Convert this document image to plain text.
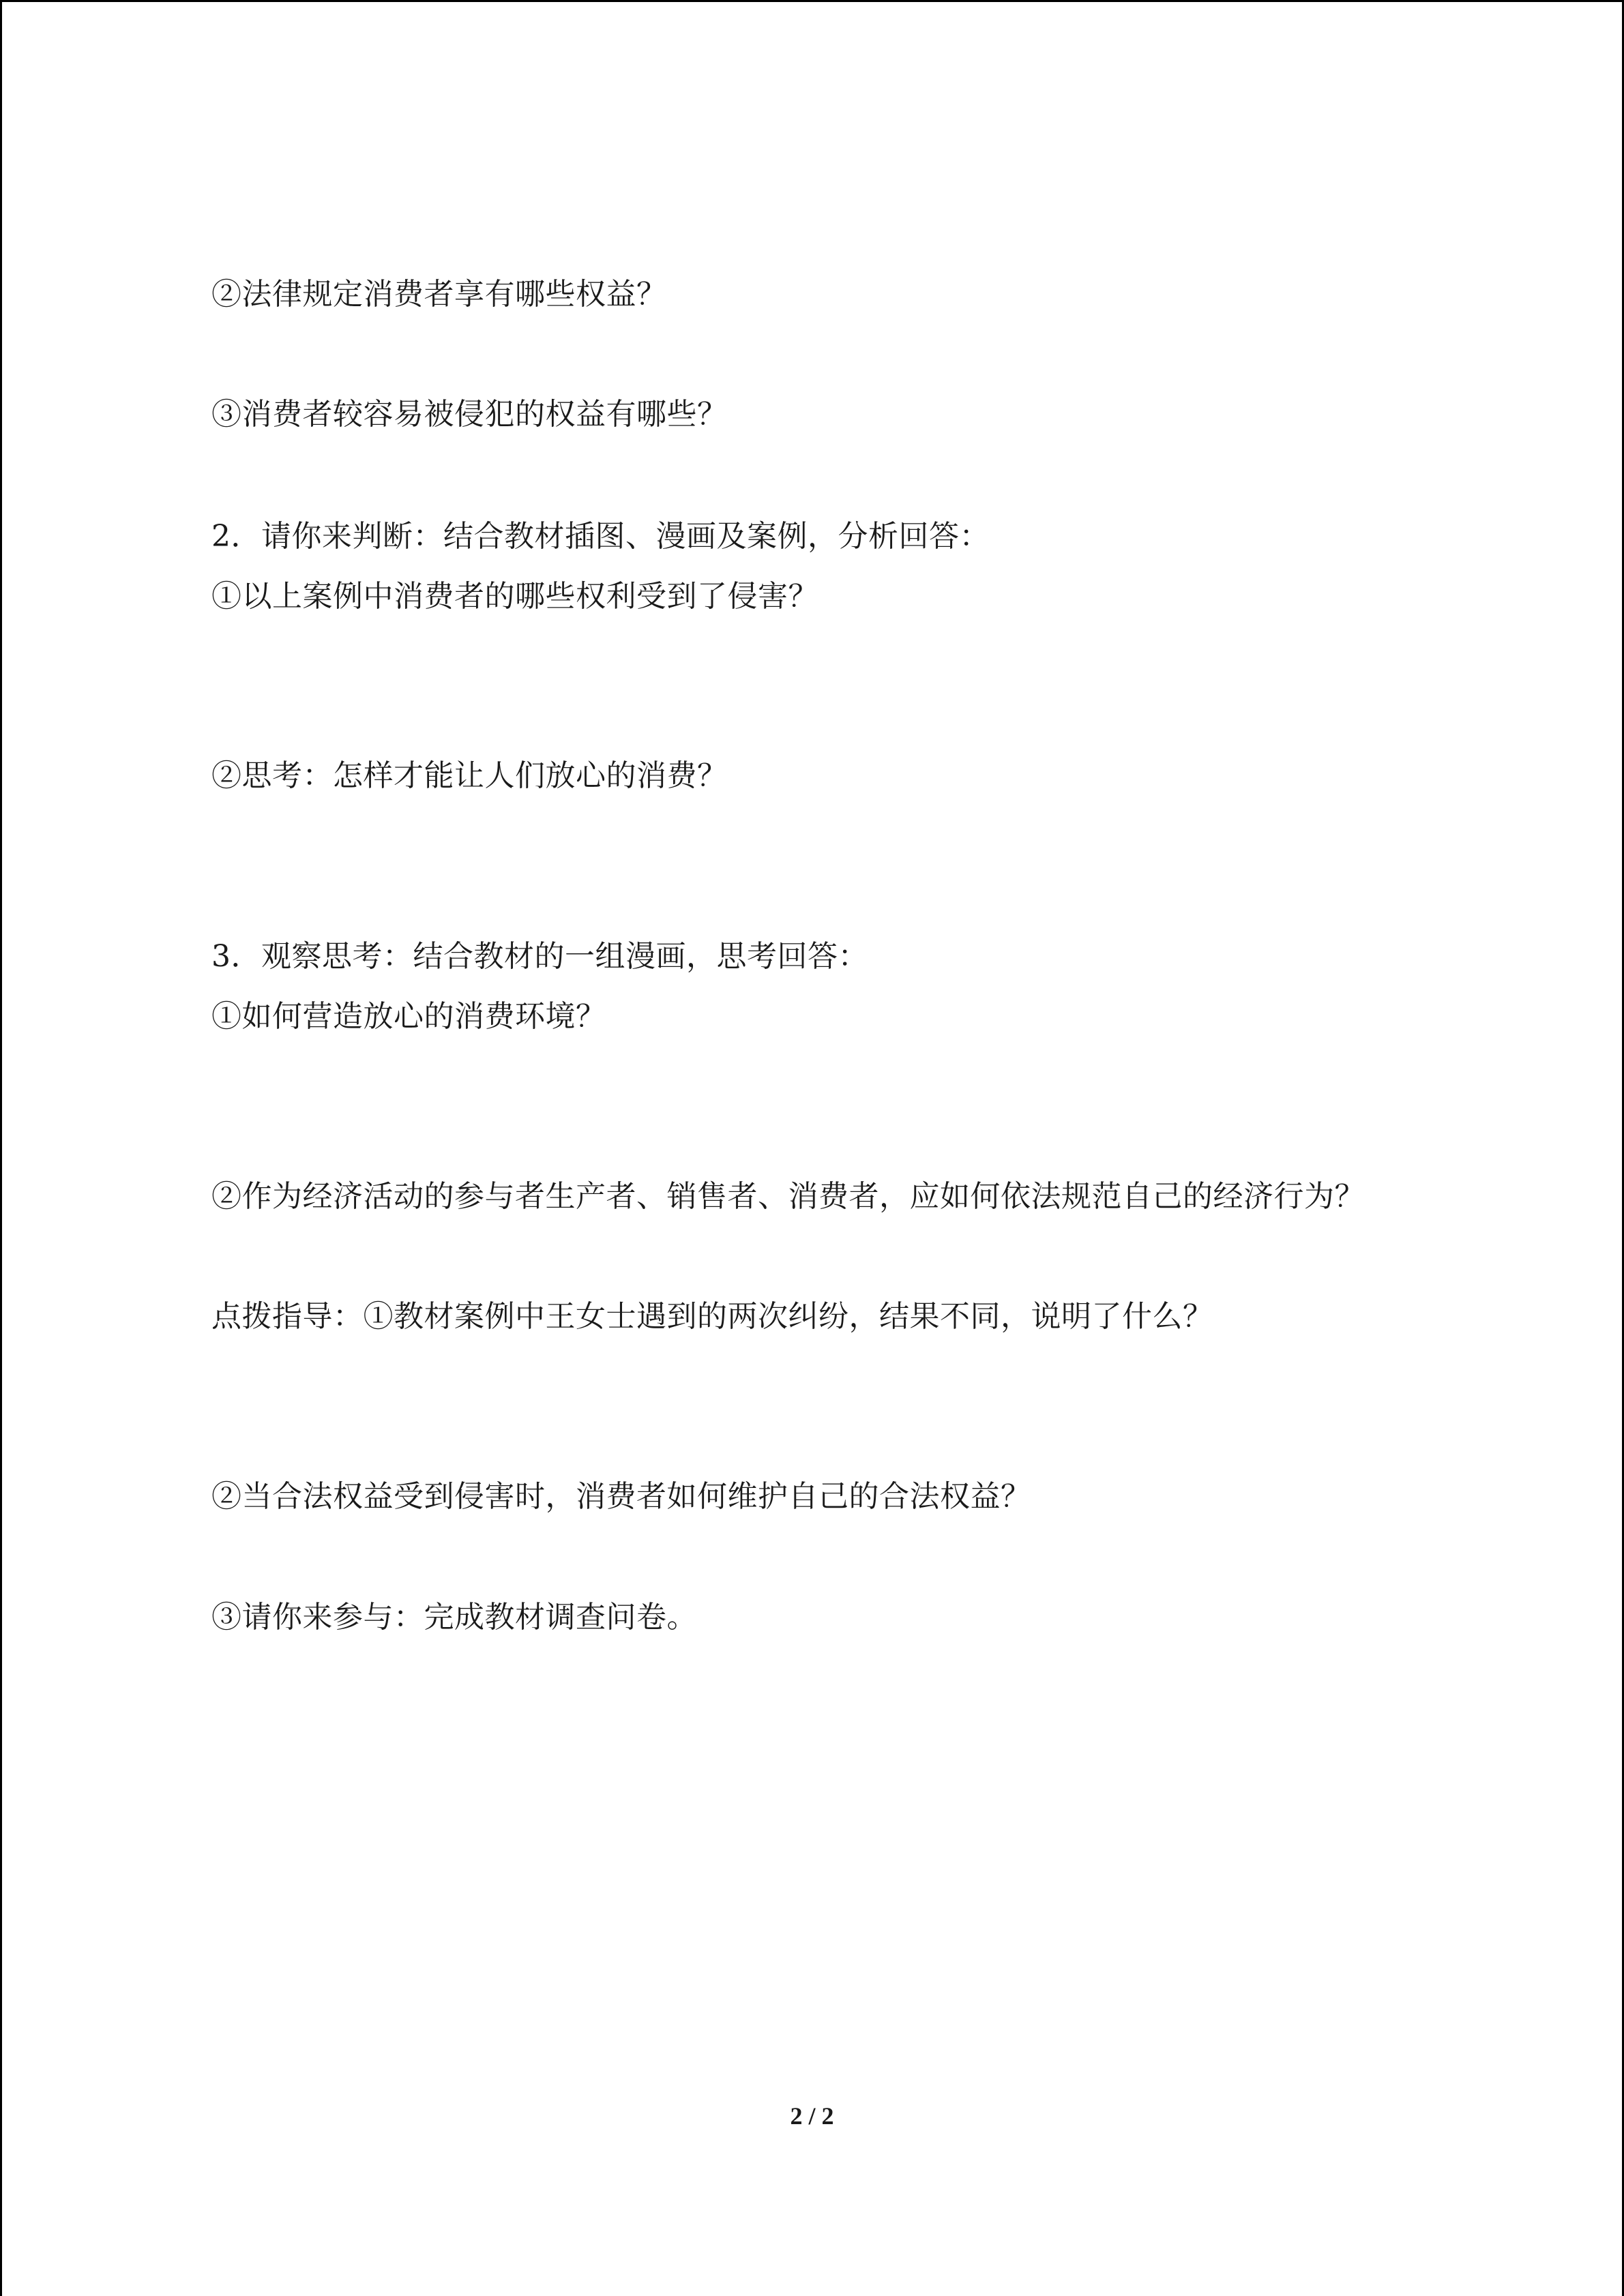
②法律规定消费者享有哪些权益？

③消费者较容易被侵犯的权益有哪些？

2．请你来判断：结合教材插图、漫画及案例，分析回答：

①以上案例中消费者的哪些权利受到了侵害？

②思考：怎样才能让人们放心的消费？

3．观察思考：结合教材的一组漫画，思考回答：

①如何营造放心的消费环境？

②作为经济活动的参与者生产者、销售者、消费者，应如何依法规范自己的经济行为？

点拨指导：①教材案例中王女士遇到的两次纠纷，结果不同，说明了什么？

②当合法权益受到侵害时，消费者如何维护自己的合法权益？

③请你来参与：完成教材调查问卷。

2 / 2
